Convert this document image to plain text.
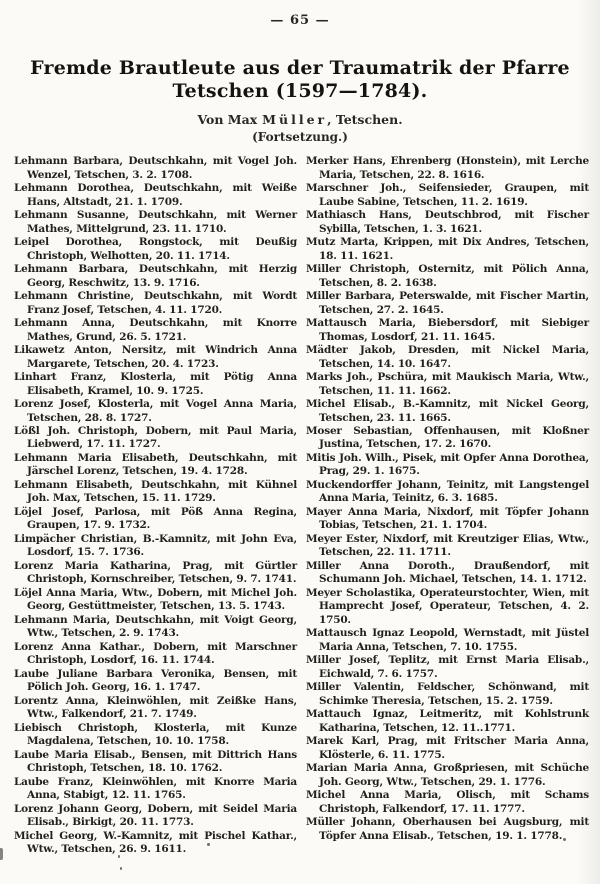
— 65 —
Fremde Brautleute aus der Traumatrik der Pfarre
Tetschen (1597—1784).
Von Max Müller, Tetschen.
(Fortsetzung.)

Lehmann Barbara, Deutschkahn, mit Vogel Joh. Wenzel, Tetschen, 3. 2. 1708.

Lehmann Dorothea, Deutschkahn, mit Weiße Hans, Altstadt, 21. 1. 1709.

Lehmann Susanne, Deutschkahn, mit Werner Mathes, Mittelgrund, 23. 11. 1710.

Leipel Dorothea, Rongstock, mit Deußig Christoph, Welhotten, 20. 11. 1714.

Lehmann Barbara, Deutschkahn, mit Herzig Georg, Reschwitz, 13. 9. 1716.

Lehmann Christine, Deutschkahn, mit Wordt Franz Josef, Tetschen, 4. 11. 1720.

Lehmann Anna, Deutschkahn, mit Knorre Mathes, Grund, 26. 5. 1721.

Likawetz Anton, Nersitz, mit Windrich Anna Margarete, Tetschen, 20. 4. 1723.

Linhart Franz, Klosterla, mit Pötig Anna Elisabeth, Kramel, 10. 9. 1725.

Lorenz Josef, Klosterla, mit Vogel Anna Maria, Tetschen, 28. 8. 1727.

Lößl Joh. Christoph, Dobern, mit Paul Maria, Liebwerd, 17. 11. 1727.

Lehmann Maria Elisabeth, Deutschkahn, mit Järschel Lorenz, Tetschen, 19. 4. 1728.

Lehmann Elisabeth, Deutschkahn, mit Kühnel Joh. Max, Tetschen, 15. 11. 1729.

Löjel Josef, Parlosa, mit Pöß Anna Regina, Graupen, 17. 9. 1732.

Limpächer Christian, B.-Kamnitz, mit John Eva, Losdorf, 15. 7. 1736.

Lorenz Maria Katharina, Prag, mit Gürtler Christoph, Kornschreiber, Tetschen, 9. 7. 1741.

Löjel Anna Maria, Wtw., Dobern, mit Michel Joh. Georg, Gestüttmeister, Tetschen, 13. 5. 1743.

Lehmann Maria, Deutschkahn, mit Voigt Georg, Wtw., Tetschen, 2. 9. 1743.

Lorenz Anna Kathar., Dobern, mit Marschner Christoph, Losdorf, 16. 11. 1744.

Laube Juliane Barbara Veronika, Bensen, mit Pölich Joh. Georg, 16. 1. 1747.

Lorentz Anna, Kleinwöhlen, mit Zeißke Hans, Wtw., Falkendorf, 21. 7. 1749.

Liebisch Christoph, Klosterla, mit Kunze Magdalena, Tetschen, 10. 10. 1758.

Laube Maria Elisab., Bensen, mit Dittrich Hans Christoph, Tetschen, 18. 10. 1762.

Laube Franz, Kleinwöhlen, mit Knorre Maria Anna, Stabigt, 12. 11. 1765.

Lorenz Johann Georg, Dobern, mit Seidel Maria Elisab., Birkigt, 20. 11. 1773.

Michel Georg, W.-Kamnitz, mit Pischel Kathar., Wtw., Tetschen, 26. 9. 1611.

Merker Hans, Ehrenberg (Honstein), mit Lerche Maria, Tetschen, 22. 8. 1616.

Marschner Joh., Seifensieder, Graupen, mit Laube Sabine, Tetschen, 11. 2. 1619.

Mathiasch Hans, Deutschbrod, mit Fischer Sybilla, Tetschen, 1. 3. 1621.

Mutz Marta, Krippen, mit Dix Andres, Tetschen, 18. 11. 1621.

Miller Christoph, Osternitz, mit Pölich Anna, Tetschen, 8. 2. 1638.

Miller Barbara, Peterswalde, mit Fischer Martin, Tetschen, 27. 2. 1645.

Mattausch Maria, Biebersdorf, mit Siebiger Thomas, Losdorf, 21. 11. 1645.

Mädter Jakob, Dresden, mit Nickel Maria, Tetschen, 14. 10. 1647.

Marks Joh., Pschüra, mit Maukisch Maria, Wtw., Tetschen, 11. 11. 1662.

Michel Elisab., B.-Kamnitz, mit Nickel Georg, Tetschen, 23. 11. 1665.

Moser Sebastian, Offenhausen, mit Kloßner Justina, Tetschen, 17. 2. 1670.

Mitis Joh. Wilh., Pisek, mit Opfer Anna Dorothea, Prag, 29. 1. 1675.

Muckendorffer Johann, Teinitz, mit Langstengel Anna Maria, Teinitz, 6. 3. 1685.

Mayer Anna Maria, Nixdorf, mit Töpfer Johann Tobias, Tetschen, 21. 1. 1704.

Meyer Ester, Nixdorf, mit Kreutziger Elias, Wtw., Tetschen, 22. 11. 1711.

Miller Anna Doroth., Draußendorf, mit Schumann Joh. Michael, Tetschen, 14. 1. 1712.

Meyer Scholastika, Operateurstochter, Wien, mit Hamprecht Josef, Operateur, Tetschen, 4. 2. 1750.

Mattausch Ignaz Leopold, Wernstadt, mit Jüstel Maria Anna, Tetschen, 7. 10. 1755.

Miller Josef, Teplitz, mit Ernst Maria Elisab., Eichwald, 7. 6. 1757.

Miller Valentin, Feldscher, Schönwand, mit Schimke Theresia, Tetschen, 15. 2. 1759.

Mattauch Ignaz, Leitmeritz, mit Kohlstrunk Katharina, Tetschen, 12. 11..1771.

Marek Karl, Prag, mit Fritscher Maria Anna, Klösterle, 6. 11. 1775.

Marian Maria Anna, Großpriesen, mit Schüche Joh. Georg, Wtw., Tetschen, 29. 1. 1776.

Michel Anna Maria, Olisch, mit Schams Christoph, Falkendorf, 17. 11. 1777.

Müller Johann, Oberhausen bei Augsburg, mit Töpfer Anna Elisab., Tetschen, 19. 1. 1778.
